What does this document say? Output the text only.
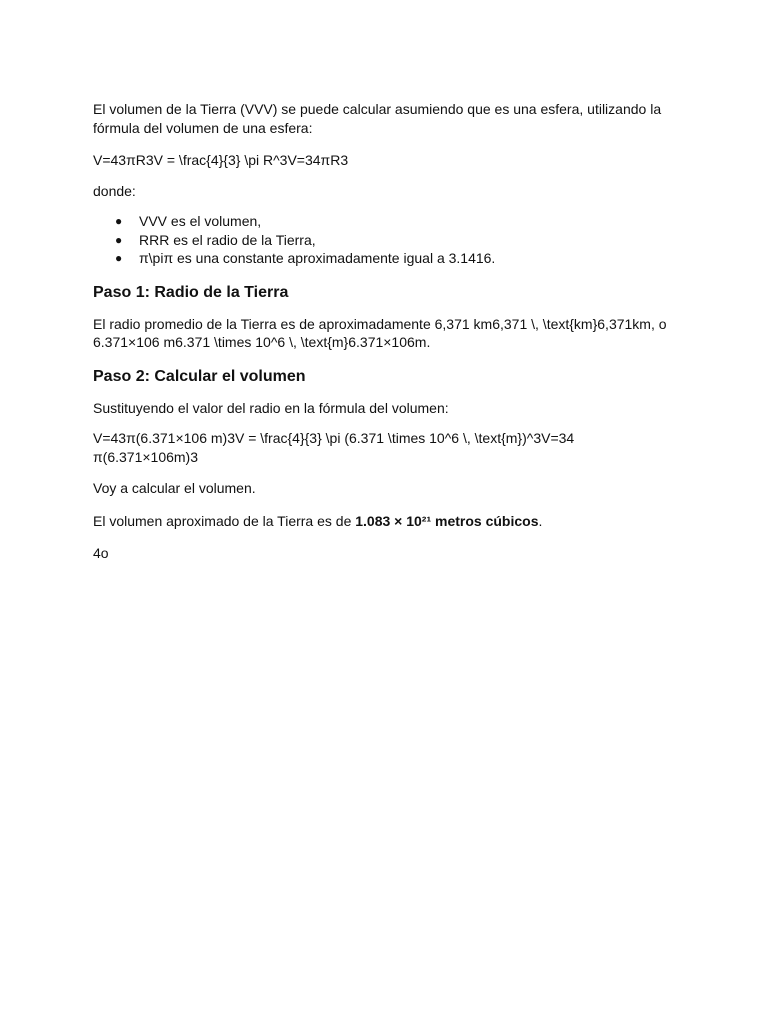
El volumen de la Tierra (VVV) se puede calcular asumiendo que es una esfera, utilizando la fórmula del volumen de una esfera:

V=43πR3V = \frac{4}{3} \pi R^3V=34​πR3

donde:

● VVV es el volumen,
● RRR es el radio de la Tierra,
● π\piπ es una constante aproximadamente igual a 3.1416.
Paso 1: Radio de la Tierra

El radio promedio de la Tierra es de aproximadamente 6,371 km6,371 \, \text{km}6,371km, o 6.371×106 m6.371 \times 10^6 \, \text{m}6.371×106m.

Paso 2: Calcular el volumen

Sustituyendo el valor del radio en la fórmula del volumen:

V=43π(6.371×106 m)3V = \frac{4}{3} \pi (6.371 \times 10^6 \, \text{m})^3V=34​π(6.371×106m)3

Voy a calcular el volumen.

El volumen aproximado de la Tierra es de 1.083 × 10²¹ metros cúbicos.

4o
